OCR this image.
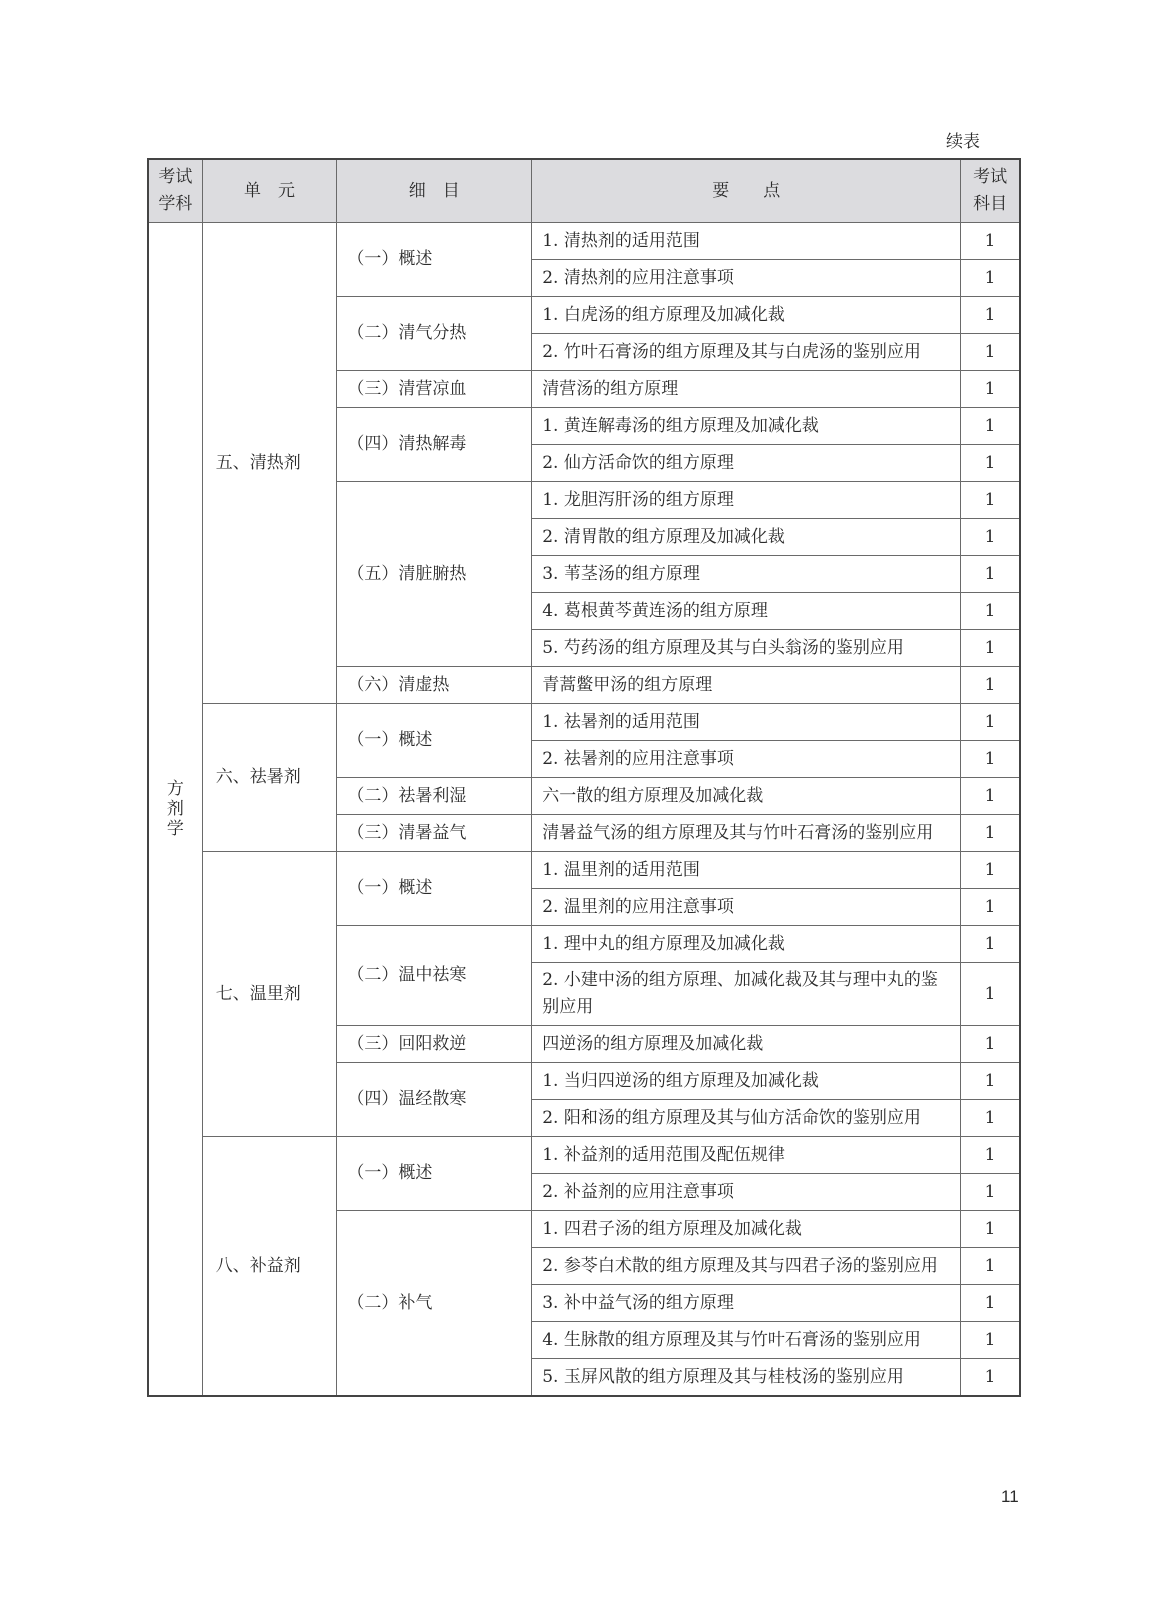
续表
考试学科	单　元	细　目	要　　点	考试科目
方剂学	五、清热剂	（一）概述	1. 清热剂的适用范围	1
			2. 清热剂的应用注意事项	1
		（二）清气分热	1. 白虎汤的组方原理及加减化裁	1
			2. 竹叶石膏汤的组方原理及其与白虎汤的鉴别应用	1
		（三）清营凉血	清营汤的组方原理	1
		（四）清热解毒	1. 黄连解毒汤的组方原理及加减化裁	1
			2. 仙方活命饮的组方原理	1
		（五）清脏腑热	1. 龙胆泻肝汤的组方原理	1
			2. 清胃散的组方原理及加减化裁	1
			3. 苇茎汤的组方原理	1
			4. 葛根黄芩黄连汤的组方原理	1
			5. 芍药汤的组方原理及其与白头翁汤的鉴别应用	1
		（六）清虚热	青蒿鳖甲汤的组方原理	1
	六、祛暑剂	（一）概述	1. 祛暑剂的适用范围	1
			2. 祛暑剂的应用注意事项	1
		（二）祛暑利湿	六一散的组方原理及加减化裁	1
		（三）清暑益气	清暑益气汤的组方原理及其与竹叶石膏汤的鉴别应用	1
	七、温里剂	（一）概述	1. 温里剂的适用范围	1
			2. 温里剂的应用注意事项	1
		（二）温中祛寒	1. 理中丸的组方原理及加减化裁	1
			2. 小建中汤的组方原理、加减化裁及其与理中丸的鉴别应用	1
		（三）回阳救逆	四逆汤的组方原理及加减化裁	1
		（四）温经散寒	1. 当归四逆汤的组方原理及加减化裁	1
			2. 阳和汤的组方原理及其与仙方活命饮的鉴别应用	1
	八、补益剂	（一）概述	1. 补益剂的适用范围及配伍规律	1
			2. 补益剂的应用注意事项	1
		（二）补气	1. 四君子汤的组方原理及加减化裁	1
			2. 参苓白术散的组方原理及其与四君子汤的鉴别应用	1
			3. 补中益气汤的组方原理	1
			4. 生脉散的组方原理及其与竹叶石膏汤的鉴别应用	1
			5. 玉屏风散的组方原理及其与桂枝汤的鉴别应用	1
11
